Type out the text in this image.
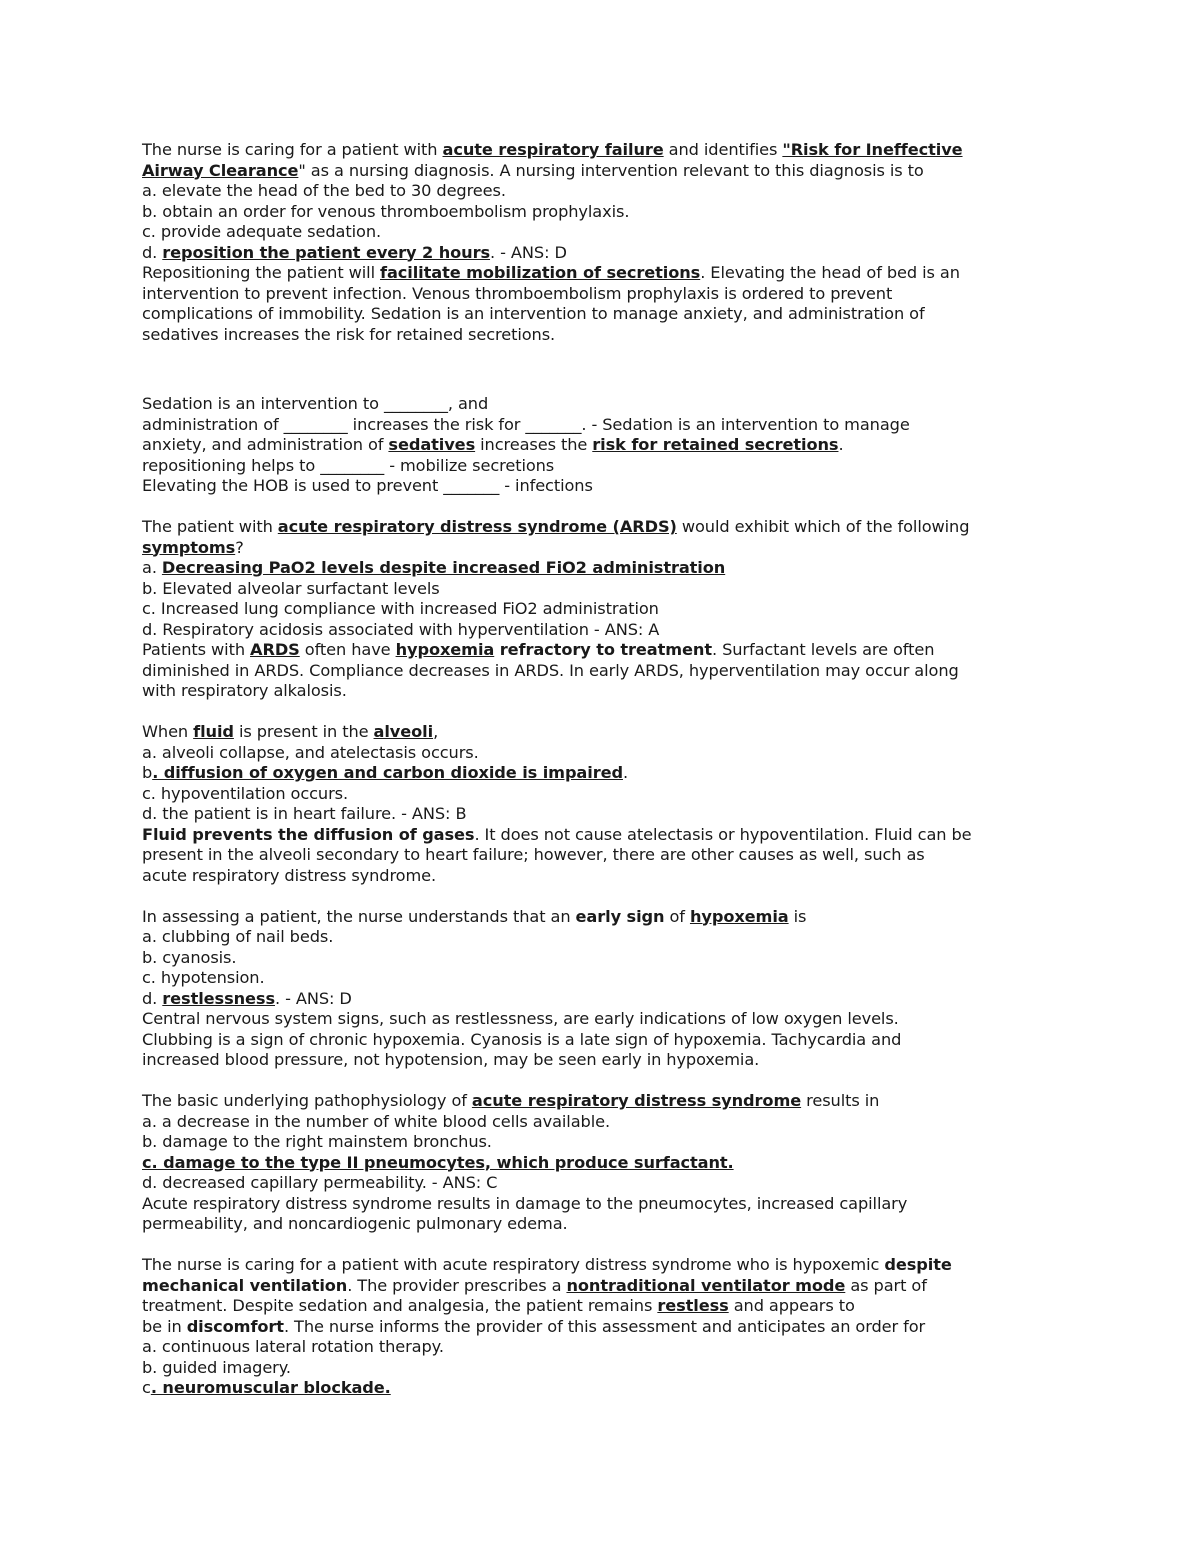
The nurse is caring for a patient with acute respiratory failure and identifies "Risk for Ineffective
Airway Clearance" as a nursing diagnosis. A nursing intervention relevant to this diagnosis is to
a. elevate the head of the bed to 30 degrees.
b. obtain an order for venous thromboembolism prophylaxis.
c. provide adequate sedation.
d. reposition the patient every 2 hours. - ANS: D
Repositioning the patient will facilitate mobilization of secretions. Elevating the head of bed is an
intervention to prevent infection. Venous thromboembolism prophylaxis is ordered to prevent
complications of immobility. Sedation is an intervention to manage anxiety, and administration of
sedatives increases the risk for retained secretions.
Sedation is an intervention to ________, and
administration of ________ increases the risk for _______. - Sedation is an intervention to manage
anxiety, and administration of sedatives increases the risk for retained secretions.
repositioning helps to ________ - mobilize secretions
Elevating the HOB is used to prevent _______ - infections
The patient with acute respiratory distress syndrome (ARDS) would exhibit which of the following
symptoms?
a. Decreasing PaO2 levels despite increased FiO2 administration
b. Elevated alveolar surfactant levels
c. Increased lung compliance with increased FiO2 administration
d. Respiratory acidosis associated with hyperventilation - ANS: A
Patients with ARDS often have hypoxemia refractory to treatment. Surfactant levels are often
diminished in ARDS. Compliance decreases in ARDS. In early ARDS, hyperventilation may occur along
with respiratory alkalosis.
When fluid is present in the alveoli,
a. alveoli collapse, and atelectasis occurs.
b. diffusion of oxygen and carbon dioxide is impaired.
c. hypoventilation occurs.
d. the patient is in heart failure. - ANS: B
Fluid prevents the diffusion of gases. It does not cause atelectasis or hypoventilation. Fluid can be
present in the alveoli secondary to heart failure; however, there are other causes as well, such as
acute respiratory distress syndrome.
In assessing a patient, the nurse understands that an early sign of hypoxemia is
a. clubbing of nail beds.
b. cyanosis.
c. hypotension.
d. restlessness. - ANS: D
Central nervous system signs, such as restlessness, are early indications of low oxygen levels.
Clubbing is a sign of chronic hypoxemia. Cyanosis is a late sign of hypoxemia. Tachycardia and
increased blood pressure, not hypotension, may be seen early in hypoxemia.
The basic underlying pathophysiology of acute respiratory distress syndrome results in
a. a decrease in the number of white blood cells available.
b. damage to the right mainstem bronchus.
c. damage to the type II pneumocytes, which produce surfactant.
d. decreased capillary permeability. - ANS: C
Acute respiratory distress syndrome results in damage to the pneumocytes, increased capillary
permeability, and noncardiogenic pulmonary edema.
The nurse is caring for a patient with acute respiratory distress syndrome who is hypoxemic despite
mechanical ventilation. The provider prescribes a nontraditional ventilator mode as part of
treatment. Despite sedation and analgesia, the patient remains restless and appears to
be in discomfort. The nurse informs the provider of this assessment and anticipates an order for
a. continuous lateral rotation therapy.
b. guided imagery.
c. neuromuscular blockade.
